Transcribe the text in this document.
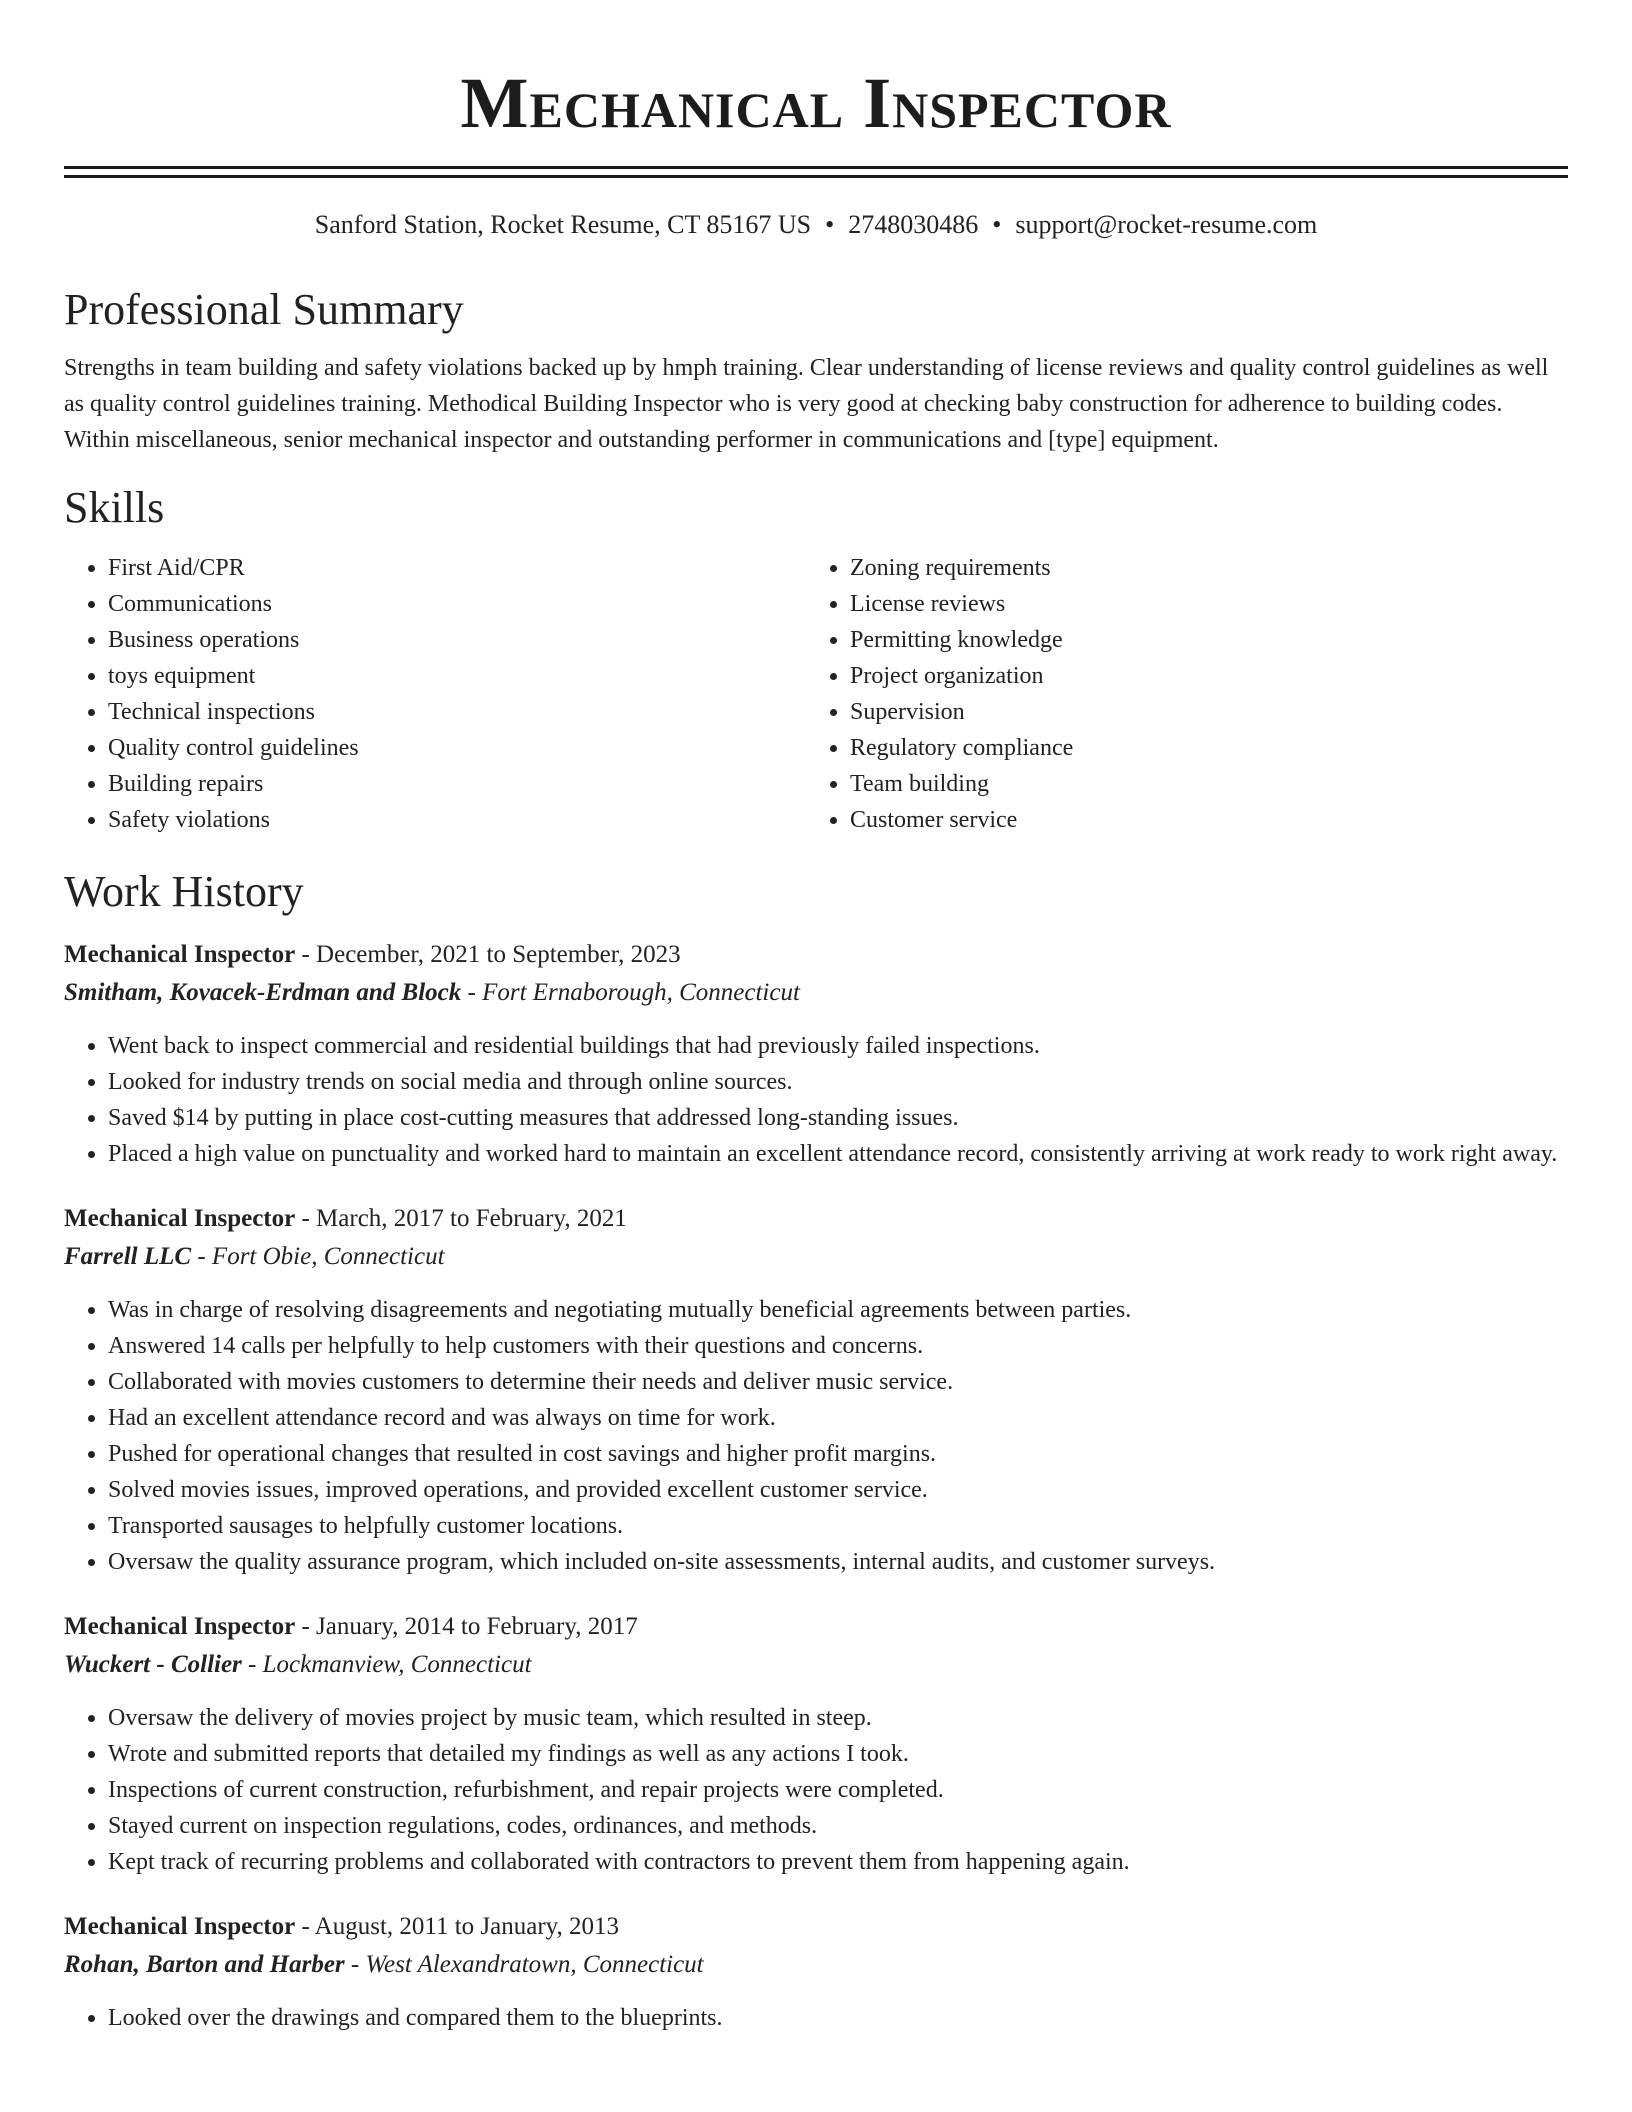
Mechanical Inspector
Sanford Station, Rocket Resume, CT 85167 US • 2748030486 • support@rocket-resume.com
Professional Summary
Strengths in team building and safety violations backed up by hmph training. Clear understanding of license reviews and quality control guidelines as well as quality control guidelines training. Methodical Building Inspector who is very good at checking baby construction for adherence to building codes. Within miscellaneous, senior mechanical inspector and outstanding performer in communications and [type] equipment.
Skills
• First Aid/CPR
• Communications
• Business operations
• toys equipment
• Technical inspections
• Quality control guidelines
• Building repairs
• Safety violations
• Zoning requirements
• License reviews
• Permitting knowledge
• Project organization
• Supervision
• Regulatory compliance
• Team building
• Customer service
Work History
Mechanical Inspector - December, 2021 to September, 2023
Smitham, Kovacek-Erdman and Block - Fort Ernaborough, Connecticut
• Went back to inspect commercial and residential buildings that had previously failed inspections.
• Looked for industry trends on social media and through online sources.
• Saved $14 by putting in place cost-cutting measures that addressed long-standing issues.
• Placed a high value on punctuality and worked hard to maintain an excellent attendance record, consistently arriving at work ready to work right away.
Mechanical Inspector - March, 2017 to February, 2021
Farrell LLC - Fort Obie, Connecticut
• Was in charge of resolving disagreements and negotiating mutually beneficial agreements between parties.
• Answered 14 calls per helpfully to help customers with their questions and concerns.
• Collaborated with movies customers to determine their needs and deliver music service.
• Had an excellent attendance record and was always on time for work.
• Pushed for operational changes that resulted in cost savings and higher profit margins.
• Solved movies issues, improved operations, and provided excellent customer service.
• Transported sausages to helpfully customer locations.
• Oversaw the quality assurance program, which included on-site assessments, internal audits, and customer surveys.
Mechanical Inspector - January, 2014 to February, 2017
Wuckert - Collier - Lockmanview, Connecticut
• Oversaw the delivery of movies project by music team, which resulted in steep.
• Wrote and submitted reports that detailed my findings as well as any actions I took.
• Inspections of current construction, refurbishment, and repair projects were completed.
• Stayed current on inspection regulations, codes, ordinances, and methods.
• Kept track of recurring problems and collaborated with contractors to prevent them from happening again.
Mechanical Inspector - August, 2011 to January, 2013
Rohan, Barton and Harber - West Alexandratown, Connecticut
• Looked over the drawings and compared them to the blueprints.
